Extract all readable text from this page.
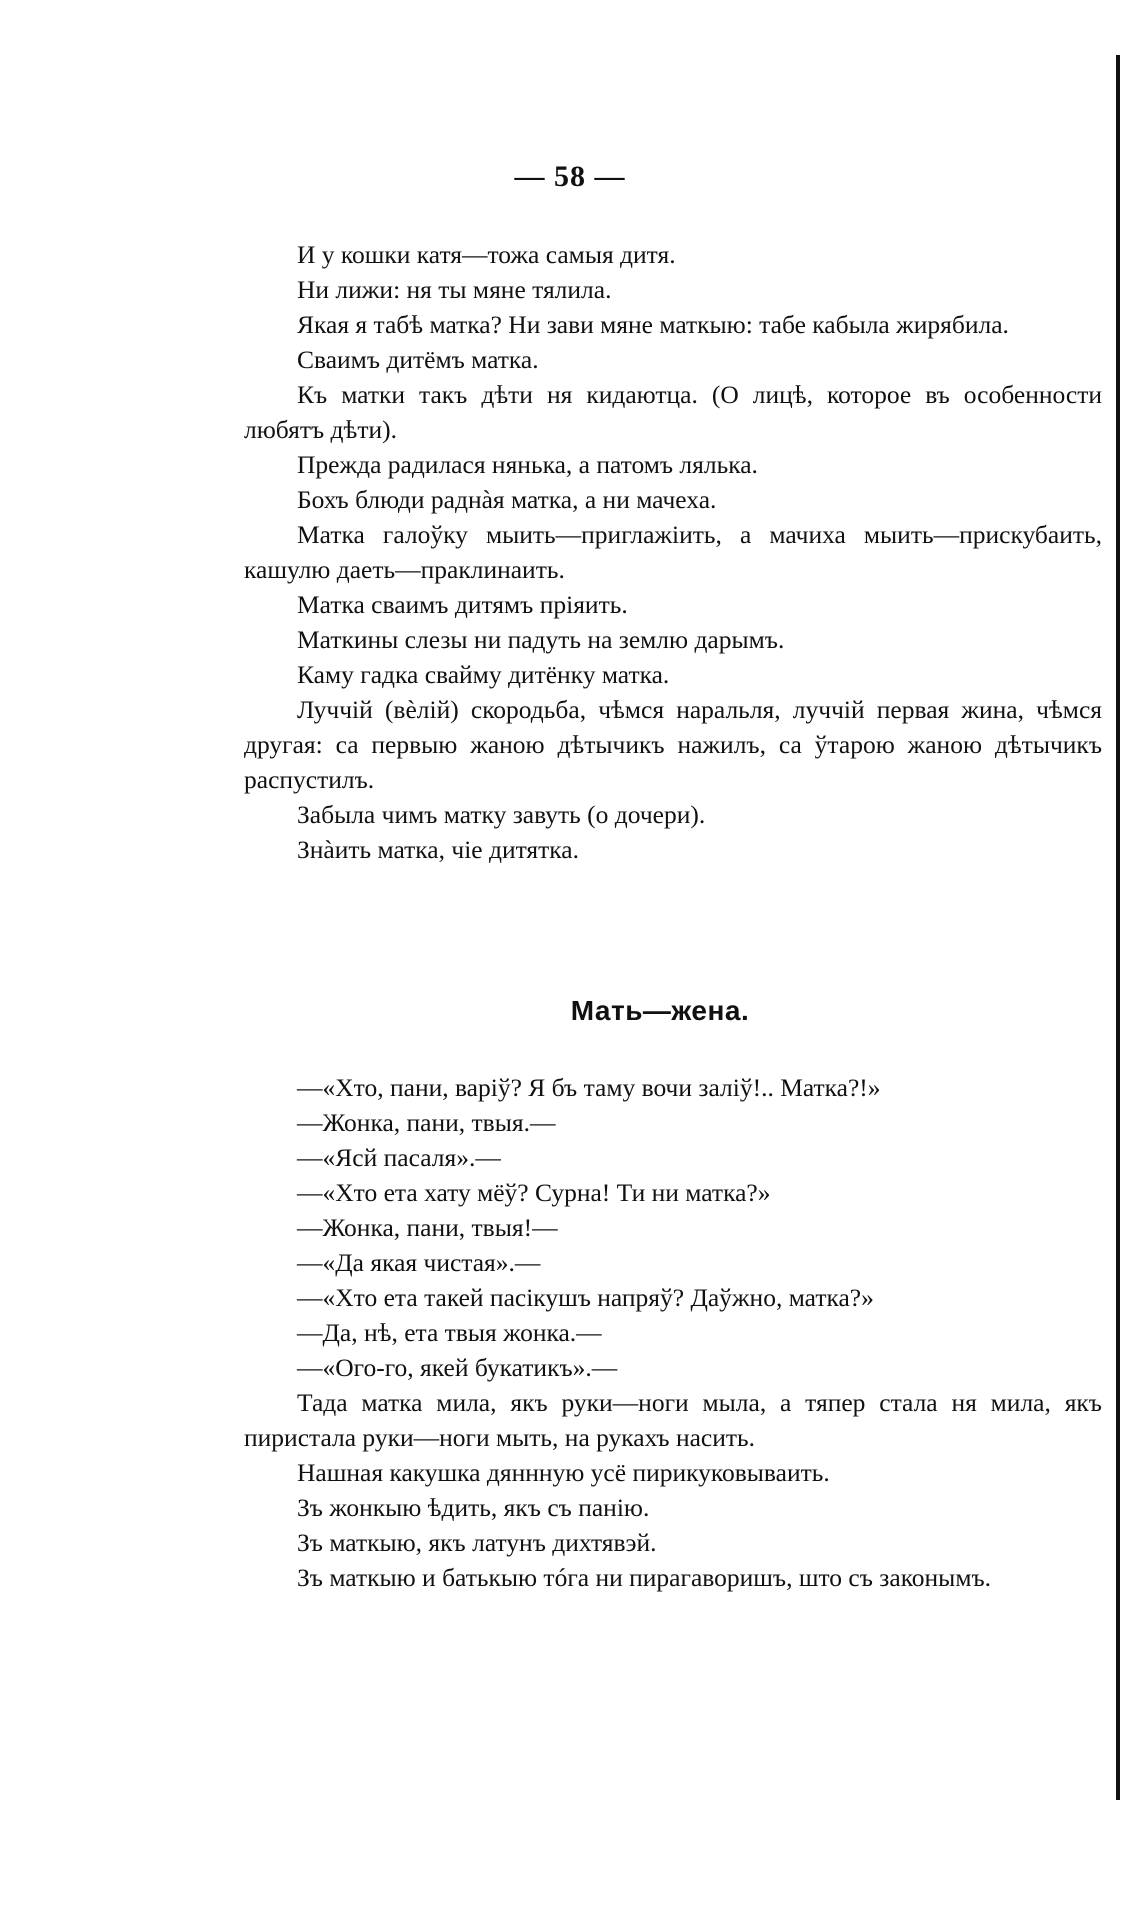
— 58 —

И у кошки катя—тожа самыя дитя.

Ни лижи: ня ты мяне тялила.

Якая я табѣ матка? Ни зави мяне маткыю: табе кабыла жирябила.

Сваимъ дитёмъ матка.

Къ матки такъ дѣти ня кидаютца. (О лицѣ, которое въ особенности любятъ дѣти).

Прежда радилася нянька, а патомъ лялька.

Бохъ блюди раднàя матка, а ни мачеха.

Матка галоўку мыить—приглажiить, а мачиха мыить—прискубаить, кашулю даеть—праклинаить.

Матка сваимъ дитямъ прiяить.

Маткины слезы ни падуть на землю дарымъ.

Каму гадка свайму дитёнку матка.

Луччiй (вѐлiй) скородьба, чѣмся наральля, луччiй первая жина, чѣмся другая: са первыю жаною дѣтычикъ нажилъ, са ўтарою жаною дѣтычикъ распустилъ.

Забыла чимъ матку завуть (о дочери).

Знàить матка, чiе дитятка.

Мать—жена.

—«Хто, пани, варiў? Я бъ таму вочи залiў!.. Матка?!»

—Жонка, пани, твыя.—

—«Ясй пасаля».—

—«Хто ета хату мёў? Сурна! Ти ни матка?»

—Жонка, пани, твыя!—

—«Да якая чистая».—

—«Хто ета такей пасiкушъ напряў? Даўжно, матка?»

—Да, нѣ, ета твыя жонка.—

—«Ого-го, якей букатикъ».—

Тада матка мила, якъ руки—ноги мыла, а тяпер стала ня мила, якъ пиристала руки—ноги мыть, на рукахъ насить.

Нашная какушка дяннную усё пирикуковываить.

Зъ жонкыю ѣдить, якъ съ панiю.

Зъ маткыю, якъ латунъ дихтявэй.

Зъ маткыю и батькыю тóга ни пирагаворишъ, што съ законымъ.
